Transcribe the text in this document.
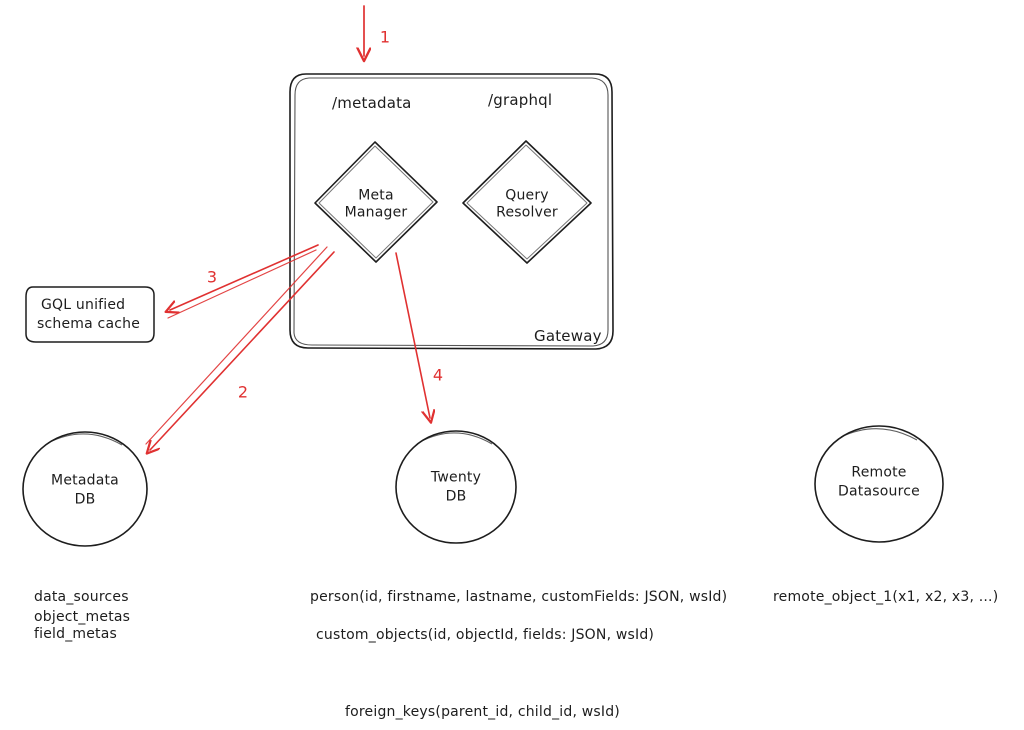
/metadata	/graphql
Meta
Manager
Query
Resolver
Gateway
GQL unified
schema cache
Metadata
DB
Twenty
DB
Remote
Datasource
1
2
3
4
data_sources
object_metas
field_metas
person(id, firstname, lastname, customFields: JSON, wsId)
custom_objects(id, objectId, fields: JSON, wsId)
remote_object_1(x1, x2, x3, ...)
foreign_keys(parent_id, child_id, wsId)
